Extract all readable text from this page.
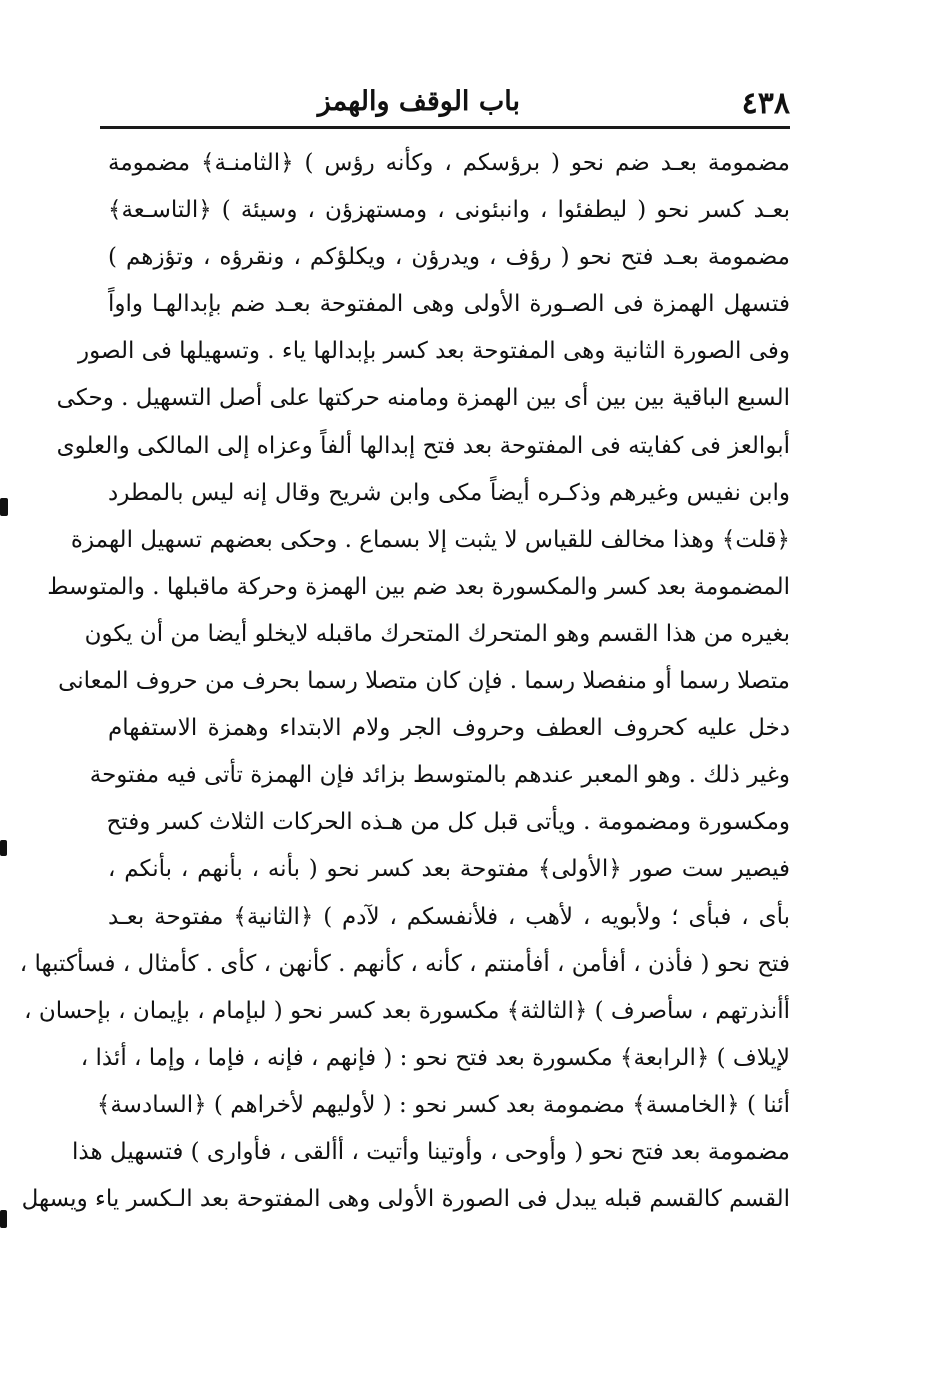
٤٣٨
باب الوقف والهمز
مضمومة بعـد ضم نحو ( برؤسكم ، وكأنه رؤس ) ﴿الثامنـة﴾ مضمومة
بعـد كسر نحو ( ليطفئوا ، وانبئونى ، ومستهزؤن ، وسيئة ) ﴿التاسـعة﴾
مضمومة بعـد فتح نحو ( رؤف ، ويدرؤن ، ويكلؤكم ، ونقرؤه ، وتؤزهم )
فتسهل الهمزة فى الصـورة الأولى وهى المفتوحة بعـد ضم بإبدالهـا واواً
وفى الصورة الثانية وهى المفتوحة بعد كسر بإبدالها ياء . وتسهيلها فى الصور
السبع الباقية بين بين أى بين الهمزة ومامنه حركتها على أصل التسهيل . وحكى
أبوالعز فى كفايته فى المفتوحة بعد فتح إبدالها ألفاً وعزاه إلى المالكى والعلوى
وابن نفيس وغيرهم وذكـره أيضاً مكى وابن شريح وقال إنه ليس بالمطرد
﴿قلت﴾ وهذا مخالف للقياس لا يثبت إلا بسماع . وحكى بعضهم تسهيل الهمزة
المضمومة بعد كسر والمكسورة بعد ضم بين الهمزة وحركة ماقبلها . والمتوسط
بغيره من هذا القسم وهو المتحرك المتحرك ماقبله لايخلو أيضا من أن يكون
متصلا رسما أو منفصلا رسما . فإن كان متصلا رسما بحرف من حروف المعانى
دخل عليه كحروف العطف وحروف الجر ولام الابتداء وهمزة الاستفهام
وغير ذلك . وهو المعبر عندهم بالمتوسط بزائد فإن الهمزة تأتى فيه مفتوحة
ومكسورة ومضمومة . ويأتى قبل كل من هـذه الحركات الثلاث كسر وفتح
فيصير ست صور ﴿الأولى﴾ مفتوحة بعد كسر نحو ( بأنه ، بأنهم ، بأنكم ،
بأى ، فبأى ؛ ولأبويه ، لأهب ، فلأنفسكم ، لآدم ) ﴿الثانية﴾ مفتوحة بعـد
فتح نحو ( فأذن ، أفأمن ، أفأمنتم ، كأنه ، كأنهم . كأنهن ، كأى . كأمثال ، فسأكتبها ،
أأنذرتهم ، سأصرف ) ﴿الثالثة﴾ مكسورة بعد كسر نحو ( لبإمام ، بإيمان ، بإحسان ،
لإيلاف ) ﴿الرابعة﴾ مكسورة بعد فتح نحو : ( فإنهم ، فإنه ، فإما ، وإما ، أئذا ،
أئنا ) ﴿الخامسة﴾ مضمومة بعد كسر نحو : ( لأوليهم لأخراهم ) ﴿السادسة﴾
مضمومة بعد فتح نحو ( وأوحى ، وأوتينا وأتيت ، أألقى ، فأوارى ) فتسهيل هذا
القسم كالقسم قبله يبدل فى الصورة الأولى وهى المفتوحة بعد الـكسر ياء ويسهل
